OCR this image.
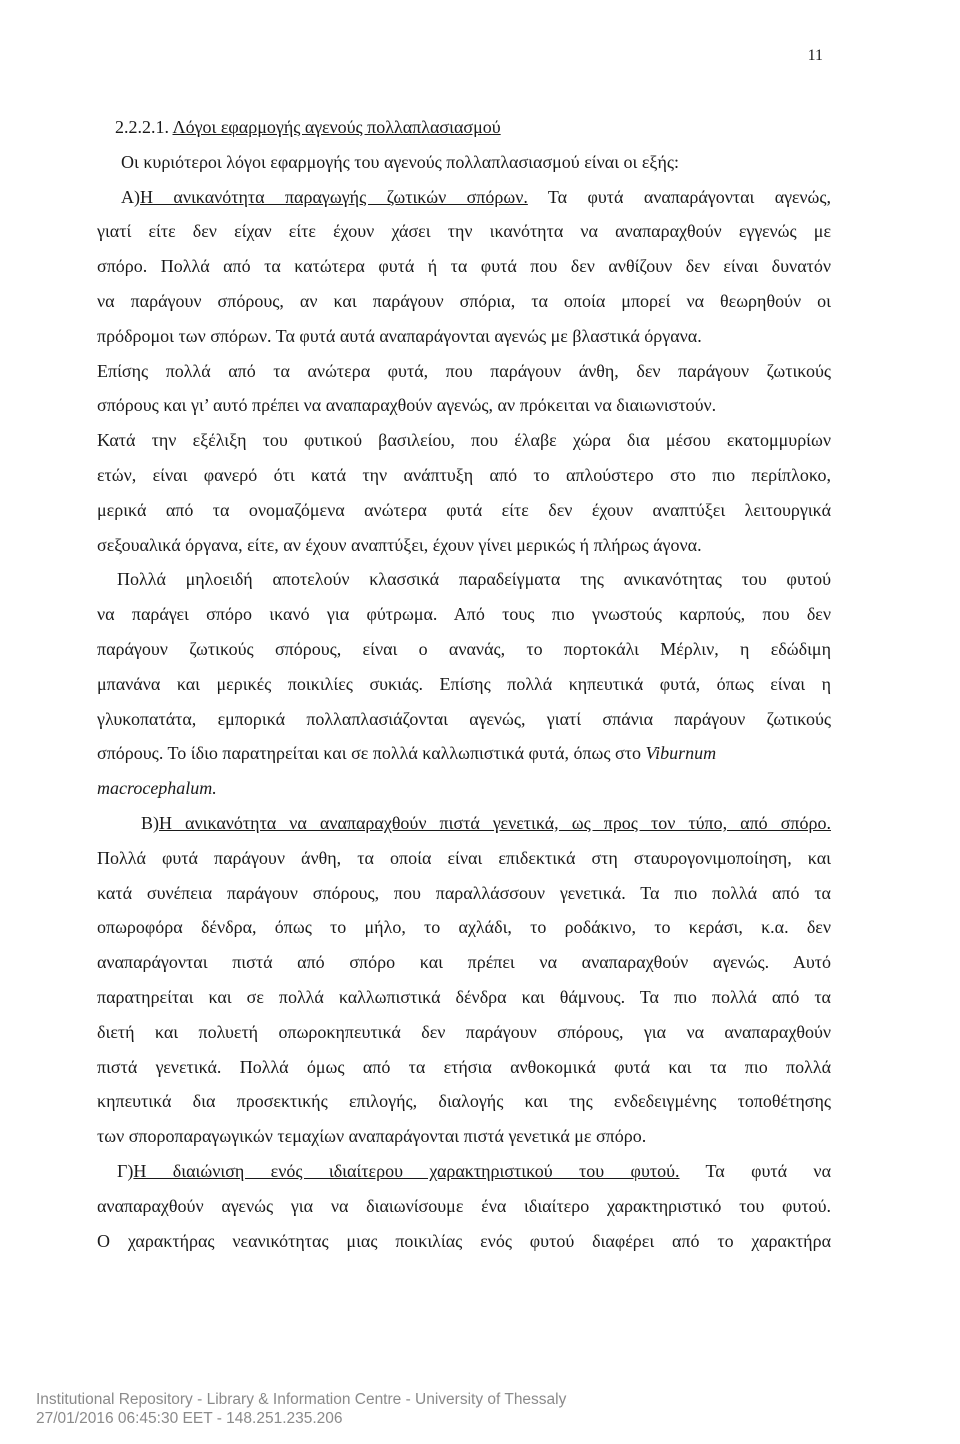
11
2.2.2.1. Λόγοι εφαρμογής αγενούς πολλαπλασιασμού
Οι κυριότεροι λόγοι εφαρμογής του αγενούς πολλαπλασιασμού είναι οι εξής:
Α)Η ανικανότητα παραγωγής ζωτικών σπόρων. Τα φυτά αναπαράγονται αγενώς,
γιατί είτε δεν είχαν είτε έχουν χάσει την ικανότητα να αναπαραχθούν εγγενώς με
σπόρο. Πολλά από τα κατώτερα φυτά ή τα φυτά που δεν ανθίζουν δεν είναι δυνατόν
να παράγουν σπόρους, αν και παράγουν σπόρια, τα οποία μπορεί να θεωρηθούν οι
πρόδρομοι των σπόρων. Τα φυτά αυτά αναπαράγονται αγενώς με βλαστικά όργανα.
Επίσης πολλά από τα ανώτερα φυτά, που παράγουν άνθη, δεν παράγουν ζωτικούς
σπόρους και γι’ αυτό πρέπει να αναπαραχθούν αγενώς, αν πρόκειται να διαιωνιστούν.
Κατά την εξέλιξη του φυτικού βασιλείου, που έλαβε χώρα δια μέσου εκατομμυρίων
ετών, είναι φανερό ότι κατά την ανάπτυξη από το απλούστερο στο πιο περίπλοκο,
μερικά από τα ονομαζόμενα ανώτερα φυτά είτε δεν έχουν αναπτύξει λειτουργικά
σεξουαλικά όργανα, είτε, αν έχουν αναπτύξει, έχουν γίνει μερικώς ή πλήρως άγονα.
Πολλά μηλοειδή αποτελούν κλασσικά παραδείγματα της ανικανότητας του φυτού
να παράγει σπόρο ικανό για φύτρωμα. Από τους πιο γνωστούς καρπούς, που δεν
παράγουν ζωτικούς σπόρους, είναι ο ανανάς, το πορτοκάλι Μέρλιν, η εδώδιμη
μπανάνα και μερικές ποικιλίες συκιάς. Επίσης πολλά κηπευτικά φυτά, όπως είναι η
γλυκοπατάτα, εμπορικά πολλαπλασιάζονται αγενώς, γιατί σπάνια παράγουν ζωτικούς
σπόρους. Το ίδιο παρατηρείται και σε πολλά καλλωπιστικά φυτά, όπως στο Viburnum macrocephalum.
Β)Η ανικανότητα να αναπαραχθούν πιστά γενετικά, ως προς τον τύπο, από σπόρο.
Πολλά φυτά παράγουν άνθη, τα οποία είναι επιδεκτικά στη σταυρογονιμοποίηση, και
κατά συνέπεια παράγουν σπόρους, που παραλλάσσουν γενετικά. Τα πιο πολλά από τα
οπωροφόρα δένδρα, όπως το μήλο, το αχλάδι, το ροδάκινο, το κεράσι, κ.α. δεν
αναπαράγονται πιστά από σπόρο και πρέπει να αναπαραχθούν αγενώς. Αυτό
παρατηρείται και σε πολλά καλλωπιστικά δένδρα και θάμνους. Τα πιο πολλά από τα
διετή και πολυετή οπωροκηπευτικά δεν παράγουν σπόρους, για να αναπαραχθούν
πιστά γενετικά. Πολλά όμως από τα ετήσια ανθοκομικά φυτά και τα πιο πολλά
κηπευτικά δια προσεκτικής επιλογής, διαλογής και της ενδεδειγμένης τοποθέτησης
των σποροπαραγωγικών τεμαχίων αναπαράγονται πιστά γενετικά με σπόρο.
Γ)Η διαιώνιση ενός ιδιαίτερου χαρακτηριστικού του φυτού. Τα φυτά να
αναπαραχθούν αγενώς για να διαιωνίσουμε ένα ιδιαίτερο χαρακτηριστικό του φυτού.
Ο χαρακτήρας νεανικότητας μιας ποικιλίας ενός φυτού διαφέρει από το χαρακτήρα
Institutional Repository - Library & Information Centre - University of Thessaly
27/01/2016 06:45:30 EET - 148.251.235.206
